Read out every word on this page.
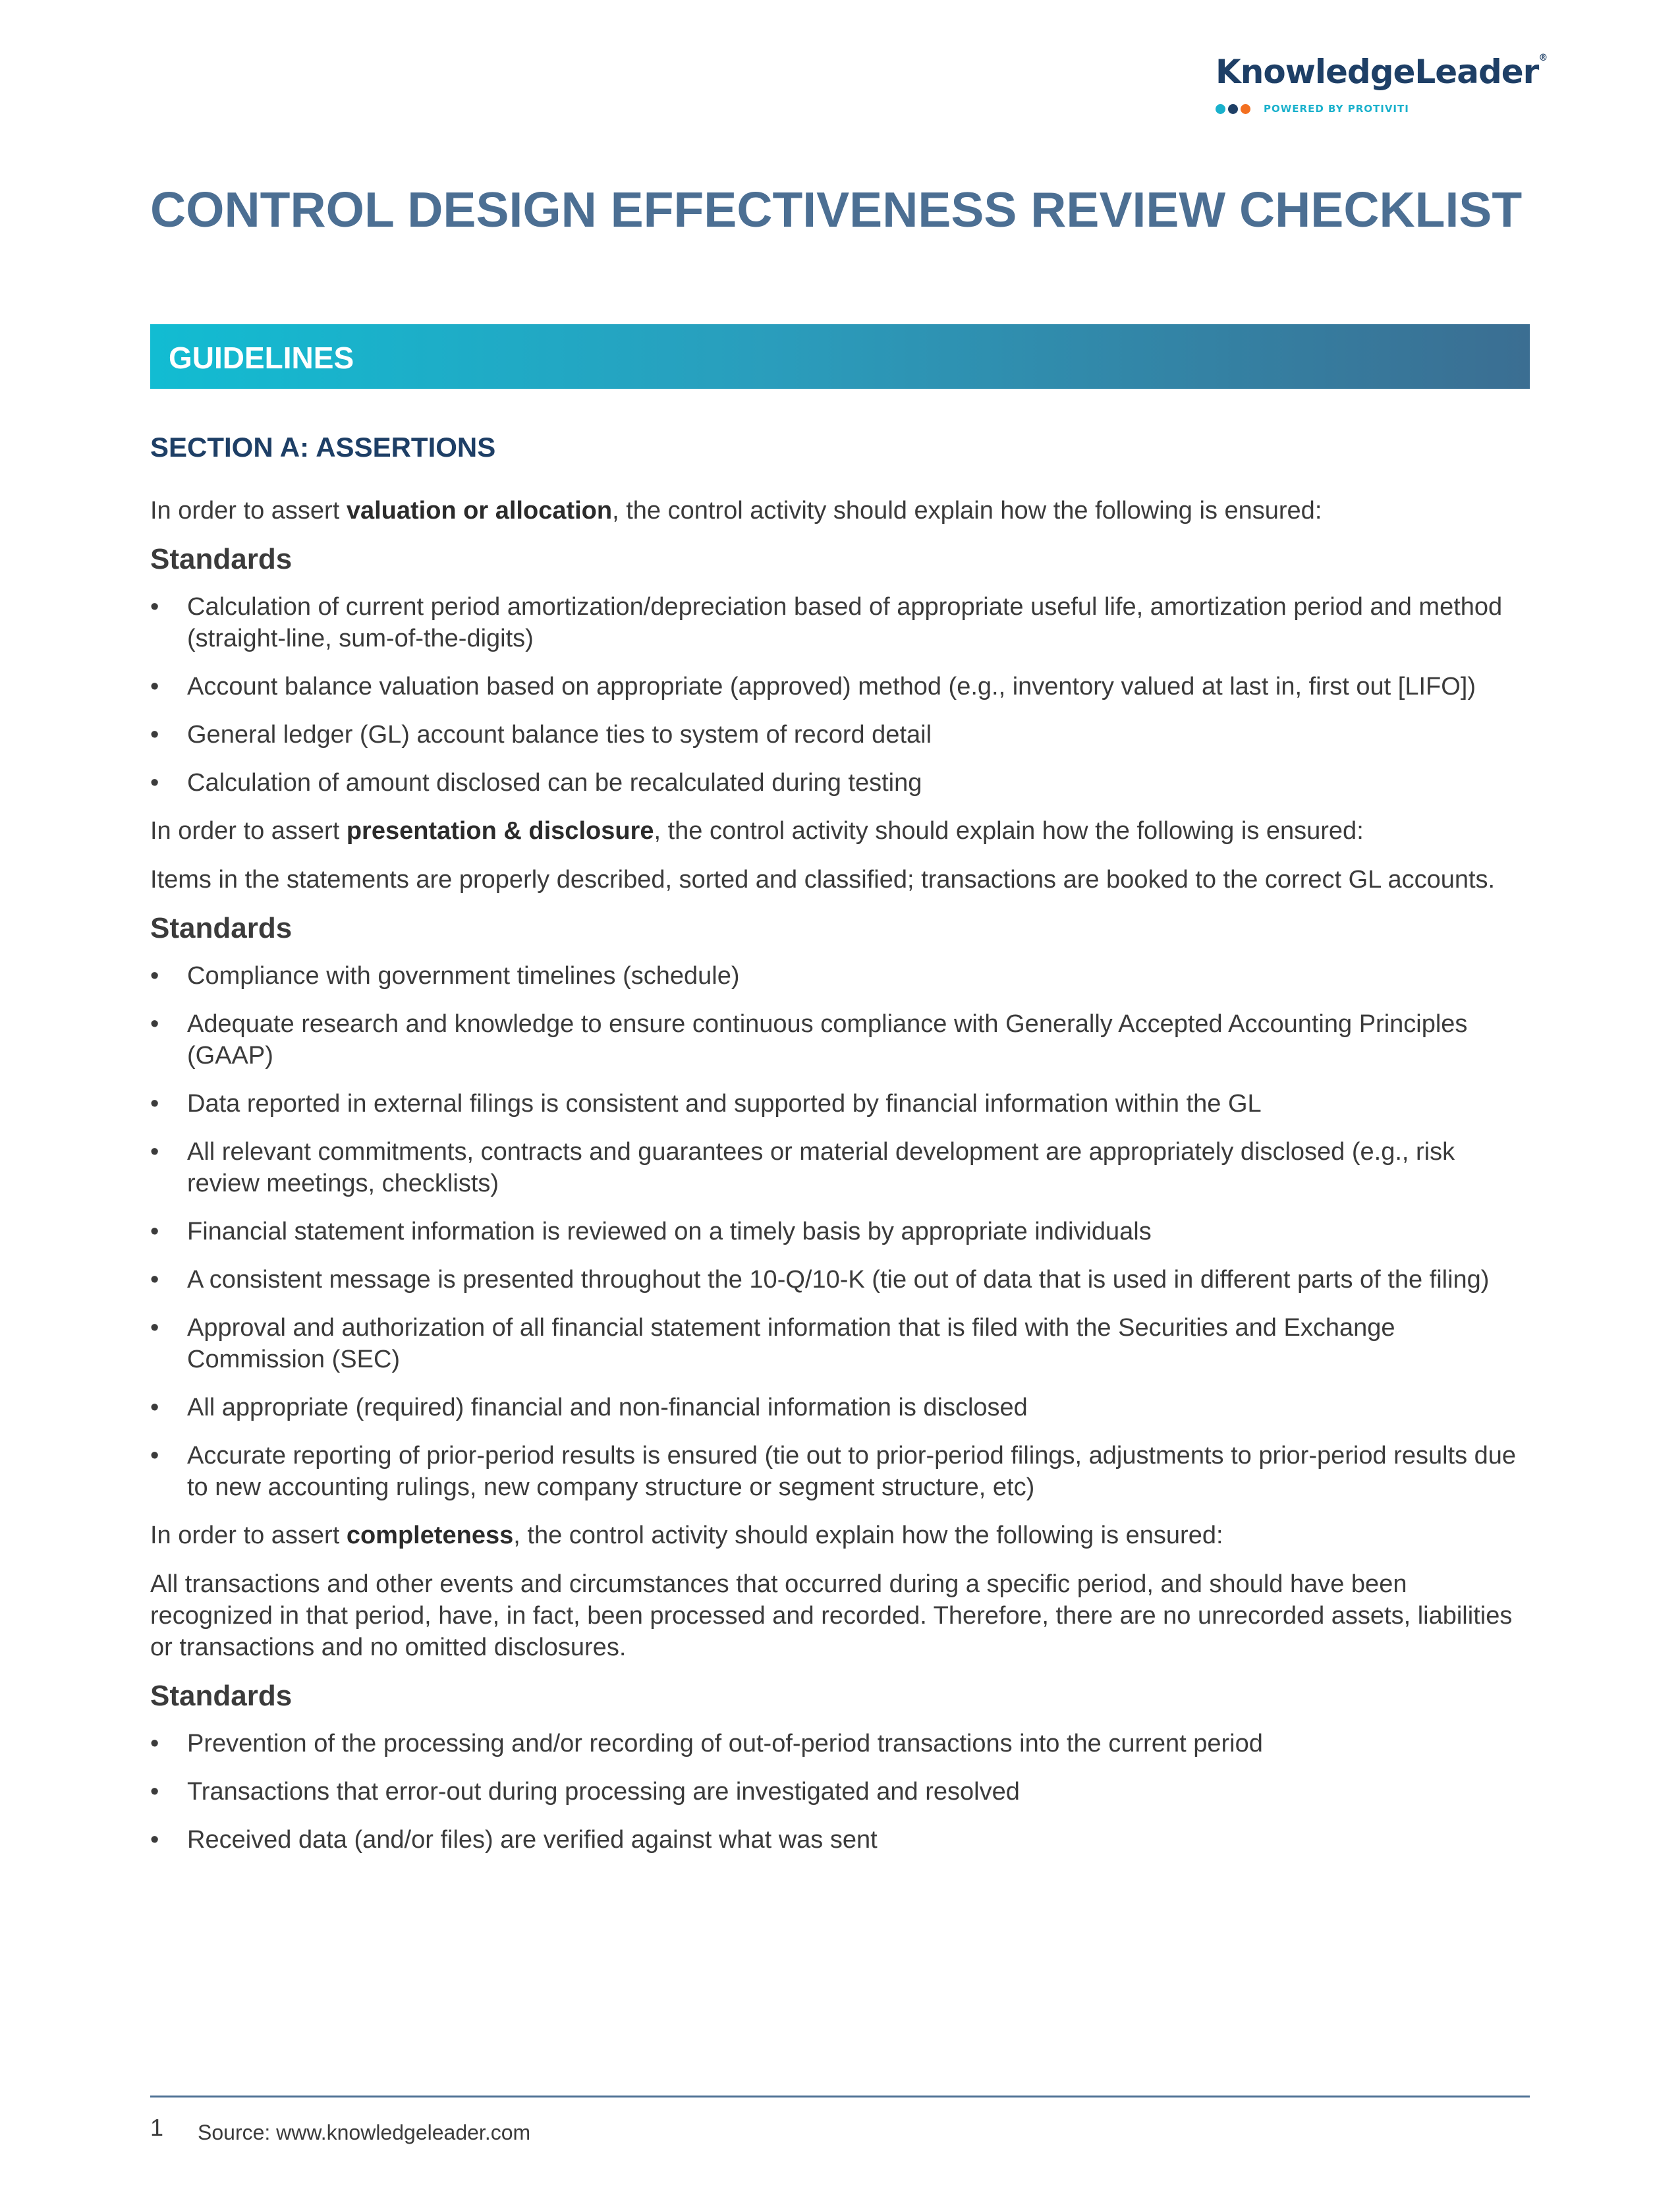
KnowledgeLeader®
POWERED BY PROTIVITI
CONTROL DESIGN EFFECTIVENESS REVIEW CHECKLIST
GUIDELINES
SECTION A: ASSERTIONS

In order to assert valuation or allocation, the control activity should explain how the following is ensured:

Standards
• Calculation of current period amortization/depreciation based of appropriate useful life, amortization period and method (straight-line, sum-of-the-digits)
• Account balance valuation based on appropriate (approved) method (e.g., inventory valued at last in, first out [LIFO])
• General ledger (GL) account balance ties to system of record detail
• Calculation of amount disclosed can be recalculated during testing

In order to assert presentation & disclosure, the control activity should explain how the following is ensured:

Items in the statements are properly described, sorted and classified; transactions are booked to the correct GL accounts.

Standards
• Compliance with government timelines (schedule)
• Adequate research and knowledge to ensure continuous compliance with Generally Accepted Accounting Principles (GAAP)
• Data reported in external filings is consistent and supported by financial information within the GL
• All relevant commitments, contracts and guarantees or material development are appropriately disclosed (e.g., risk review meetings, checklists)
• Financial statement information is reviewed on a timely basis by appropriate individuals
• A consistent message is presented throughout the 10-Q/10-K (tie out of data that is used in different parts of the filing)
• Approval and authorization of all financial statement information that is filed with the Securities and Exchange Commission (SEC)
• All appropriate (required) financial and non-financial information is disclosed
• Accurate reporting of prior-period results is ensured (tie out to prior-period filings, adjustments to prior-period results due to new accounting rulings, new company structure or segment structure, etc)

In order to assert completeness, the control activity should explain how the following is ensured:

All transactions and other events and circumstances that occurred during a specific period, and should have been recognized in that period, have, in fact, been processed and recorded. Therefore, there are no unrecorded assets, liabilities or transactions and no omitted disclosures.

Standards
• Prevention of the processing and/or recording of out-of-period transactions into the current period
• Transactions that error-out during processing are investigated and resolved
• Received data (and/or files) are verified against what was sent
1 Source: www.knowledgeleader.com
